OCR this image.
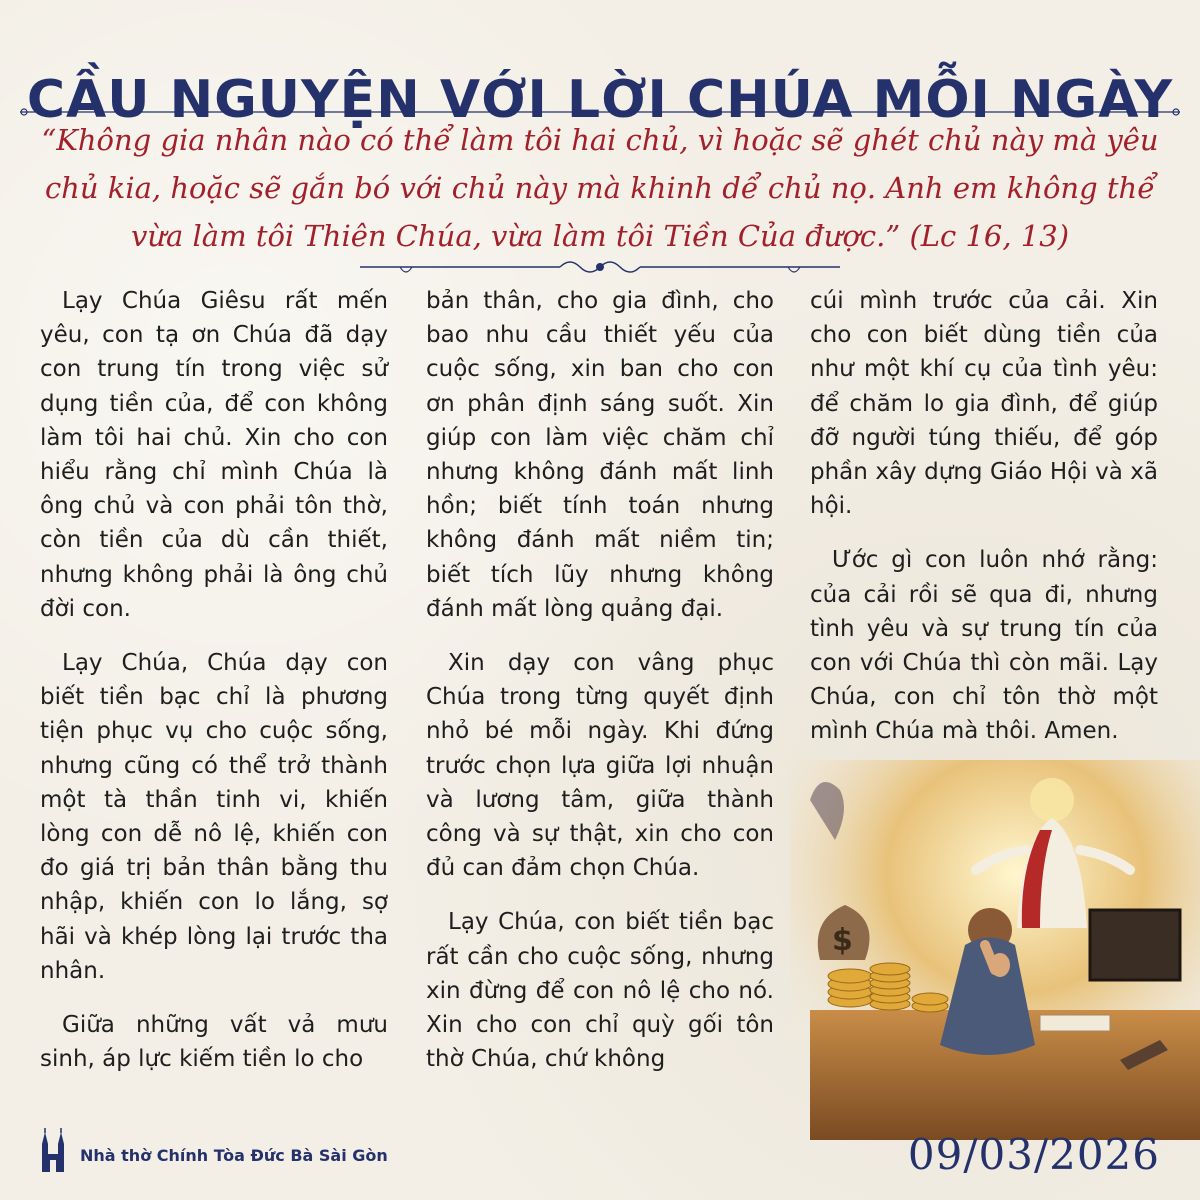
CẦU NGUYỆN VỚI LỜI CHÚA MỖI NGÀY
“Không gia nhân nào có thể làm tôi hai chủ, vì hoặc sẽ ghét chủ này mà yêu chủ kia, hoặc sẽ gắn bó với chủ này mà khinh dể chủ nọ. Anh em không thể vừa làm tôi Thiên Chúa, vừa làm tôi Tiền Của được.” (Lc 16, 13)

Lạy Chúa Giêsu rất mến yêu, con tạ ơn Chúa đã dạy con trung tín trong việc sử dụng tiền của, để con không làm tôi hai chủ. Xin cho con hiểu rằng chỉ mình Chúa là ông chủ và con phải tôn thờ, còn tiền của dù cần thiết, nhưng không phải là ông chủ đời con.

Lạy Chúa, Chúa dạy con biết tiền bạc chỉ là phương tiện phục vụ cho cuộc sống, nhưng cũng có thể trở thành một tà thần tinh vi, khiến lòng con dễ nô lệ, khiến con đo giá trị bản thân bằng thu nhập, khiến con lo lắng, sợ hãi và khép lòng lại trước tha nhân.

Giữa những vất vả mưu sinh, áp lực kiếm tiền lo cho

bản thân, cho gia đình, cho bao nhu cầu thiết yếu của cuộc sống, xin ban cho con ơn phân định sáng suốt. Xin giúp con làm việc chăm chỉ nhưng không đánh mất linh hồn; biết tính toán nhưng không đánh mất niềm tin; biết tích lũy nhưng không đánh mất lòng quảng đại.

Xin dạy con vâng phục Chúa trong từng quyết định nhỏ bé mỗi ngày. Khi đứng trước chọn lựa giữa lợi nhuận và lương tâm, giữa thành công và sự thật, xin cho con đủ can đảm chọn Chúa.

Lạy Chúa, con biết tiền bạc rất cần cho cuộc sống, nhưng xin đừng để con nô lệ cho nó. Xin cho con chỉ quỳ gối tôn thờ Chúa, chứ không

cúi mình trước của cải. Xin cho con biết dùng tiền của như một khí cụ của tình yêu: để chăm lo gia đình, để giúp đỡ người túng thiếu, để góp phần xây dựng Giáo Hội và xã hội.

Ước gì con luôn nhớ rằng: của cải rồi sẽ qua đi, nhưng tình yêu và sự trung tín của con với Chúa thì còn mãi. Lạy Chúa, con chỉ tôn thờ một mình Chúa mà thôi. Amen.

$
Nhà thờ Chính Tòa Đức Bà Sài Gòn	09/03/2026
